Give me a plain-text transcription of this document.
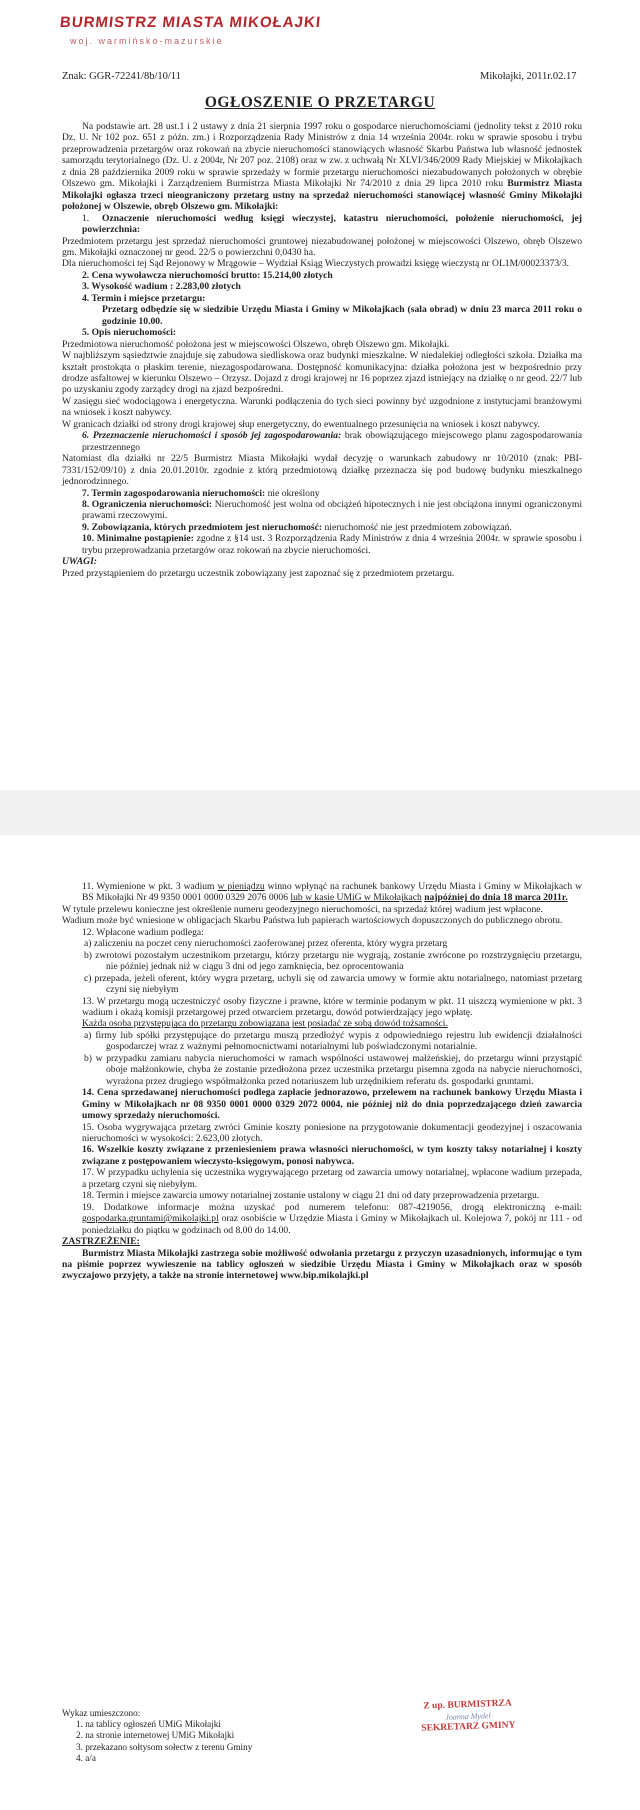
BURMISTRZ MIASTA MIKOŁAJKI
woj. warmińsko-mazurskie
Znak: GGR-72241/8b/10/11	Mikołajki, 2011r.02.17
OGŁOSZENIE O PRZETARGU

Na podstawie art. 28 ust.1 i 2 ustawy z dnia 21 sierpnia 1997 roku o gospodarce nieruchomościami (jednolity tekst z 2010 roku Dz. U. Nr 102 poz. 651 z późn. zm.) i Rozporządzenia Rady Ministrów z dnia 14 września 2004r. roku w sprawie sposobu i trybu przeprowadzenia przetargów oraz rokowań na zbycie nieruchomości stanowiących własność Skarbu Państwa lub własność jednostek samorządu terytorialnego (Dz. U. z 2004r, Nr 207 poz. 2108) oraz w zw. z uchwałą Nr XLVI/346/2009 Rady Miejskiej w Mikołajkach z dnia 28 października 2009 roku w sprawie sprzedaży w formie przetargu nieruchomości niezabudowanych położonych w obrębie Olszewo gm. Mikołajki i Zarządzeniem Burmistrza Miasta Mikołajki Nr 74/2010 z dnia 29 lipca 2010 roku Burmistrz Miasta Mikołajki ogłasza trzeci nieograniczony przetarg ustny na sprzedaż nieruchomości stanowiącej własność Gminy Mikołajki położonej w Olszewie, obręb Olszewo gm. Mikołajki:

1. Oznaczenie nieruchomości według księgi wieczystej, katastru nieruchomości, położenie nieruchomości, jej powierzchnia:

Przedmiotem przetargu jest sprzedaż nieruchomości gruntowej niezabudowanej położonej w miejscowości Olszewo, obręb Olszewo gm. Mikołajki oznaczonej nr geod. 22/5 o powierzchni 0,0430 ha.

Dla nieruchomości tej Sąd Rejonowy w Mrągowie – Wydział Ksiąg Wieczystych prowadzi księgę wieczystą nr OL1M/00023373/3.

2. Cena wywoławcza nieruchomości brutto: 15.214,00 złotych

3. Wysokość wadium : 2.283,00 złotych

4. Termin i miejsce przetargu:

Przetarg odbędzie się w siedzibie Urzędu Miasta i Gminy w Mikołajkach (sala obrad) w dniu 23 marca 2011 roku o godzinie 10.00.

5. Opis nieruchomości:

Przedmiotowa nieruchomość położona jest w miejscowości Olszewo, obręb Olszewo gm. Mikołajki.

W najbliższym sąsiedztwie znajduje się zabudowa siedliskowa oraz budynki mieszkalne. W niedalekiej odległości szkoła. Działka ma kształt prostokąta o płaskim terenie, niezagospodarowana. Dostępność komunikacyjna: działka położona jest w bezpośrednio przy drodze asfaltowej w kierunku Olszewo – Orzysz. Dojazd z drogi krajowej nr 16 poprzez zjazd istniejący na działkę o nr geod. 22/7 lub po uzyskaniu zgody zarządcy drogi na zjazd bezpośredni.

W zasięgu sieć wodociągowa i energetyczna. Warunki podłączenia do tych sieci powinny być uzgodnione z instytucjami branżowymi na wniosek i koszt nabywcy.

W granicach działki od strony drogi krajowej słup energetyczny, do ewentualnego przesunięcia na wniosek i koszt nabywcy.

6. Przeznaczenie nieruchomości i sposób jej zagospodarowania: brak obowiązującego miejscowego planu zagospodarowania przestrzennego

Natomiast dla działki nr 22/5 Burmistrz Miasta Mikołajki wydał decyzję o warunkach zabudowy nr 10/2010 (znak: PBI-7331/152/09/10) z dnia 20.01.2010r. zgodnie z którą przedmiotową działkę przeznacza się pod budowę budynku mieszkalnego jednorodzinnego.

7. Termin zagospodarowania nieruchomości: nie określony

8. Ograniczenia nieruchomości: Nieruchomość jest wolna od obciążeń hipotecznych i nie jest obciążona innymi ograniczonymi prawami rzeczowymi.

9. Zobowiązania, których przedmiotem jest nieruchomość: nieruchomość nie jest przedmiotem zobowiązań.

10. Minimalne postąpienie: zgodne z §14 ust. 3 Rozporządzenia Rady Ministrów z dnia 4 września 2004r. w sprawie sposobu i trybu przeprowadzania przetargów oraz rokowań na zbycie nieruchomości.

UWAGI:

Przed przystąpieniem do przetargu uczestnik zobowiązany jest zapoznać się z przedmiotem przetargu.

11. Wymienione w pkt. 3 wadium w pieniądzu winno wpłynąć na rachunek bankowy Urzędu Miasta i Gminy w Mikołajkach w BS Mikołajki Nr 49 9350 0001 0000 0329 2076 0006 lub w kasie UMiG w Mikołajkach najpóźniej do dnia 18 marca 2011r.

W tytule przelewu konieczne jest określenie numeru geodezyjnego nieruchomości, na sprzedaż której wadium jest wpłacone.

Wadium może być wniesione w obligacjach Skarbu Państwa lub papierach wartościowych dopuszczonych do publicznego obrotu.

12. Wpłacone wadium podlega:

a) zaliczeniu na poczet ceny nieruchomości zaoferowanej przez oferenta, który wygra przetarg

b) zwrotowi pozostałym uczestnikom przetargu, którzy przetargu nie wygrają, zostanie zwrócone po rozstrzygnięciu przetargu, nie później jednak niż w ciągu 3 dni od jego zamknięcia, bez oprocentowania

c) przepada, jeżeli oferent, który wygra przetarg, uchyli się od zawarcia umowy w formie aktu notarialnego, natomiast przetarg czyni się niebyłym

13. W przetargu mogą uczestniczyć osoby fizyczne i prawne, które w terminie podanym w pkt. 11 uiszczą wymienione w pkt. 3 wadium i okażą komisji przetargowej przed otwarciem przetargu, dowód potwierdzający jego wpłatę.

Każda osoba przystępująca do przetargu zobowiązana jest posiadać ze sobą dowód tożsamości.

a) firmy lub spółki przystępujące do przetargu muszą przedłożyć wypis z odpowiedniego rejestru lub ewidencji działalności gospodarczej wraz z ważnymi pełnomocnictwami notarialnymi lub poświadczonymi notarialnie.

b) w przypadku zamiaru nabycia nieruchomości w ramach wspólności ustawowej małżeńskiej, do przetargu winni przystąpić oboje małżonkowie, chyba że zostanie przedłożona przez uczestnika przetargu pisemna zgoda na nabycie nieruchomości, wyrażona przez drugiego współmałżonka przed notariuszem lub urzędnikiem referatu ds. gospodarki gruntami.

14. Cena sprzedawanej nieruchomości podlega zapłacie jednorazowo, przelewem na rachunek bankowy Urzędu Miasta i Gminy w Mikołajkach nr 08 9350 0001 0000 0329 2072 0004, nie później niż do dnia poprzedzającego dzień zawarcia umowy sprzedaży nieruchomości.

15. Osoba wygrywająca przetarg zwróci Gminie koszty poniesione na przygotowanie dokumentacji geodezyjnej i oszacowania nieruchomości w wysokości: 2.623,00 złotych.

16. Wszelkie koszty związane z przeniesieniem prawa własności nieruchomości, w tym koszty taksy notarialnej i koszty związane z postępowaniem wieczysto-księgowym, ponosi nabywca.

17. W przypadku uchylenia się uczestnika wygrywającego przetarg od zawarcia umowy notarialnej, wpłacone wadium przepada, a przetarg czyni się niebyłym.

18. Termin i miejsce zawarcia umowy notarialnej zostanie ustalony w ciągu 21 dni od daty przeprowadzenia przetargu.

19. Dodatkowe informacje można uzyskać pod numerem telefonu: 087-4219056, drogą elektroniczną e-mail: gospodarka.gruntami@mikolajki.pl oraz osobiście w Urzędzie Miasta i Gminy w Mikołajkach ul. Kolejowa 7, pokój nr 111 - od poniedziałku do piątku w godzinach od 8.00 do 14.00.

ZASTRZEŻENIE:

Burmistrz Miasta Mikołajki zastrzega sobie możliwość odwołania przetargu z przyczyn uzasadnionych, informując o tym na piśmie poprzez wywieszenie na tablicy ogłoszeń w siedzibie Urzędu Miasta i Gminy w Mikołajkach oraz w sposób zwyczajowo przyjęty, a także na stronie internetowej www.bip.mikolajki.pl

Wykaz umieszczono:
1. na tablicy ogłoszeń UMiG Mikołajki
2. na stronie internetowej UMiG Mikołajki
3. przekazano sołtysom sołectw z terenu Gminy
4. a/a
Z up. BURMISTRZA
Joanna Mydel
SEKRETARZ GMINY
